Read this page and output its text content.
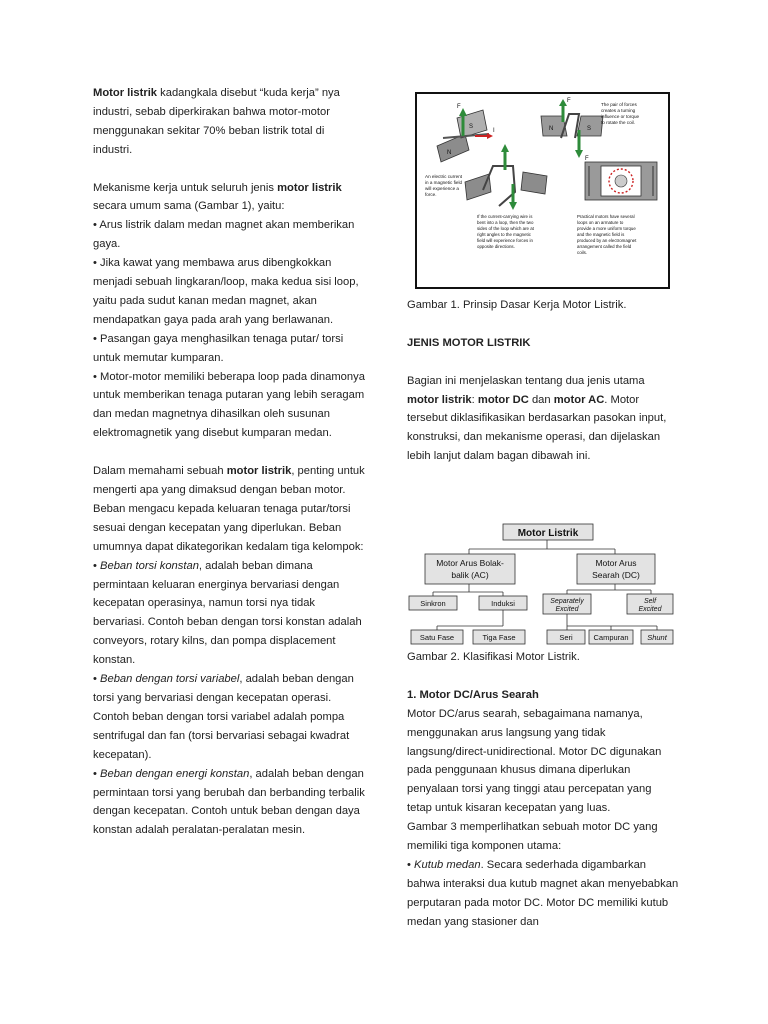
Motor listrik kadangkala disebut “kuda kerja” nya industri, sebab diperkirakan bahwa motor-motor menggunakan sekitar 70% beban listrik total di industri.

Mekanisme kerja untuk seluruh jenis motor listrik secara umum sama (Gambar 1), yaitu:

• Arus listrik dalam medan magnet akan memberikan gaya.

• Jika kawat yang membawa arus dibengkokkan menjadi sebuah lingkaran/loop, maka kedua sisi loop, yaitu pada sudut kanan medan magnet, akan mendapatkan gaya pada arah yang berlawanan.

• Pasangan gaya menghasilkan tenaga putar/ torsi untuk memutar kumparan.

• Motor-motor memiliki beberapa loop pada dinamonya untuk memberikan tenaga putaran yang lebih seragam dan medan magnetnya dihasilkan oleh susunan elektromagnetik yang disebut kumparan medan.

Dalam memahami sebuah motor listrik, penting untuk mengerti apa yang dimaksud dengan beban motor. Beban mengacu kepada keluaran tenaga putar/torsi sesuai dengan kecepatan yang diperlukan. Beban umumnya dapat dikategorikan kedalam tiga kelompok:

• Beban torsi konstan, adalah beban dimana permintaan keluaran energinya bervariasi dengan kecepatan operasinya, namun torsi nya tidak bervariasi. Contoh beban dengan torsi konstan adalah conveyors, rotary kilns, dan pompa displacement konstan.

• Beban dengan torsi variabel, adalah beban dengan torsi yang bervariasi dengan kecepatan operasi. Contoh beban dengan torsi variabel adalah pompa sentrifugal dan fan (torsi bervariasi sebagai kwadrat kecepatan).

• Beban dengan energi konstan, adalah beban dengan permintaan torsi yang berubah dan berbanding terbalik dengan kecepatan. Contoh untuk beban dengan daya konstan adalah peralatan-peralatan mesin.

S
N
F
I	N	S
F
F
The pair of forces creates a turning influence or torque to rotate the coil.
An electric current in a magnetic field will experience a force.
If the current-carrying wire is bent into a loop, then the two sides of the loop which are at right angles to the magnetic field will experience forces in opposite directions.
Practical motors have several loops on an armature to provide a more uniform torque and the magnetic field is produced by an electromagnet arrangement called the field coils.

Gambar 1. Prinsip Dasar Kerja Motor Listrik.

JENIS MOTOR LISTRIK

Bagian ini menjelaskan tentang dua jenis utama motor listrik: motor DC dan motor AC. Motor tersebut diklasifikasikan berdasarkan pasokan input, konstruksi, dan mekanisme operasi, dan dijelaskan lebih lanjut dalam bagan dibawah ini.

Motor Listrik
Motor Arus Bolak-
balik (AC)
Motor Arus
Searah (DC)
Sinkron	Induksi	Separately
Excited
Self
Excited
Satu Fase	Tiga Fase	Seri	Campuran Shunt

Gambar 2. Klasifikasi Motor Listrik.

1. Motor DC/Arus Searah

Motor DC/arus searah, sebagaimana namanya, menggunakan arus langsung yang tidak langsung/direct-unidirectional. Motor DC digunakan pada penggunaan khusus dimana diperlukan penyalaan torsi yang tinggi atau percepatan yang tetap untuk kisaran kecepatan yang luas.

Gambar 3 memperlihatkan sebuah motor DC yang memiliki tiga komponen utama:

• Kutub medan. Secara sederhada digambarkan bahwa interaksi dua kutub magnet akan menyebabkan perputaran pada motor DC. Motor DC memiliki kutub medan yang stasioner dan
